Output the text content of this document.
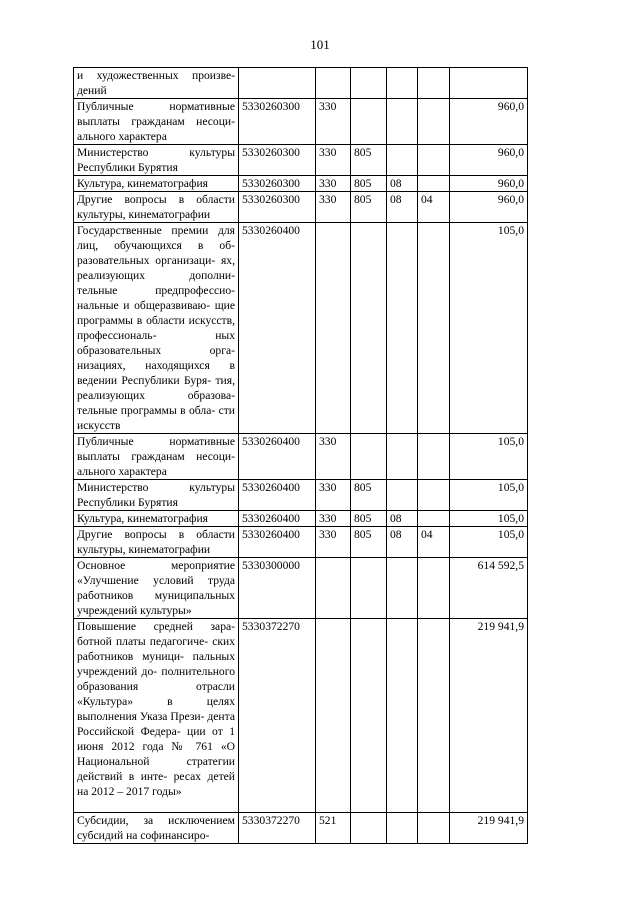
101
и художественных произве- дений						
Публичные нормативные выплаты гражданам несоци- ального характера	5330260300	330				960,0
Министерство культуры Республики Бурятия	5330260300	330	805			960,0
Культура, кинематография	5330260300	330	805	08		960,0
Другие вопросы в области культуры, кинематографии	5330260300	330	805	08	04	960,0
Государственные премии для лиц, обучающихся в об- разовательных организаци- ях, реализующих дополни- тельные предпрофессио- нальные и общеразвиваю- щие программы в области искусств, профессиональ- ных образовательных орга- низациях, находящихся в ведении Республики Буря- тия, реализующих образова- тельные программы в обла- сти искусств	5330260400					105,0
Публичные нормативные выплаты гражданам несоци- ального характера	5330260400	330				105,0
Министерство культуры Республики Бурятия	5330260400	330	805			105,0
Культура, кинематография	5330260400	330	805	08		105,0
Другие вопросы в области культуры, кинематографии	5330260400	330	805	08	04	105,0
Основное мероприятие «Улучшение условий труда работников муниципальных учреждений культуры»	5330300000					614 592,5
Повышение средней зара- ботной платы педагогиче- ских работников муници- пальных учреждений до- полнительного образования отрасли «Культура» в целях выполнения Указа Прези- дента Российской Федера- ции от 1 июня 2012 года № 761 «О Национальной стратегии действий в инте- ресах детей на 2012 – 2017 годы»	5330372270					219 941,9
Субсидии, за исключением субсидий на софинансиро-	5330372270	521				219 941,9
